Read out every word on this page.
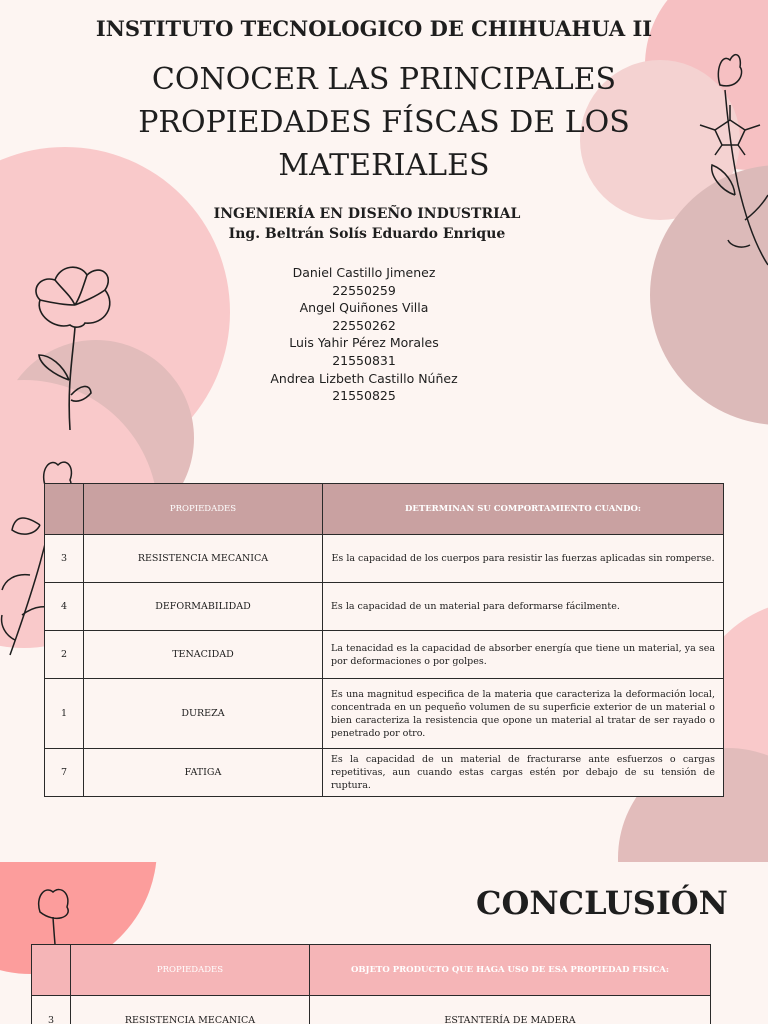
INSTITUTO TECNOLOGICO DE CHIHUAHUA II
CONOCER LAS PRINCIPALES
PROPIEDADES FÍSCAS DE LOS
MATERIALES
INGENIERÍA EN DISEÑO INDUSTRIAL
Ing. Beltrán Solís Eduardo Enrique
Daniel Castillo Jimenez
22550259
Angel Quiñones Villa
22550262
Luis Yahir Pérez Morales
21550831
Andrea Lizbeth Castillo Núñez
21550825
	PROPIEDADES	DETERMINAN SU COMPORTAMIENTO CUANDO:
3	RESISTENCIA MECANICA	Es la capacidad de los cuerpos para resistir las fuerzas aplicadas sin romperse.
4	DEFORMABILIDAD	Es la capacidad de un material para deformarse fácilmente.
2	TENACIDAD	La tenacidad es la capacidad de absorber energía que tiene un material, ya sea por deformaciones o por golpes.
1	DUREZA	Es una magnitud especifica de la materia que caracteriza la deformación local, concentrada en un pequeño volumen de su superficie exterior de un material o bien caracteriza la resistencia que opone un material al tratar de ser rayado o penetrado por otro.
7	FATIGA	Es la capacidad de un material de fracturarse ante esfuerzos o cargas repetitivas, aun cuando estas cargas estén por debajo de su tensión de ruptura.
CONCLUSIÓN
	PROPIEDADES	OBJETO PRODUCTO QUE HAGA USO DE ESA PROPIEDAD FISICA:
3	RESISTENCIA MECANICA	ESTANTERÍA DE MADERA
